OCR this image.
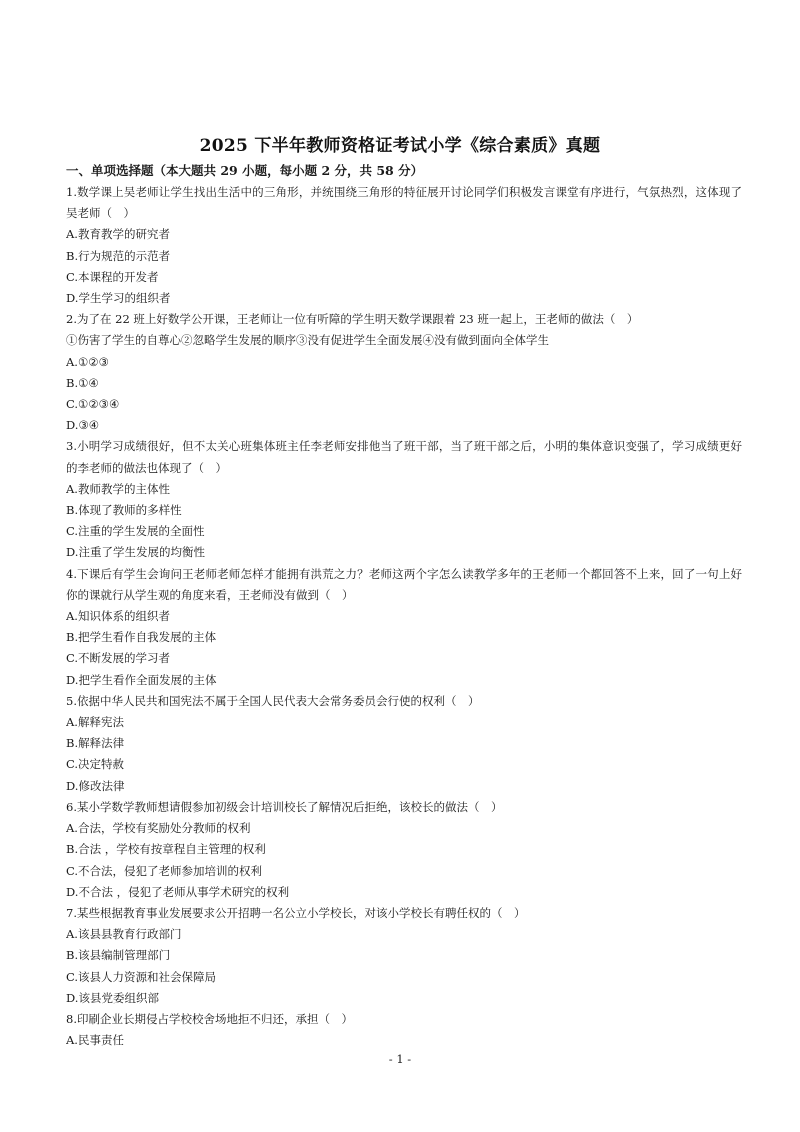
2025 下半年教师资格证考试小学《综合素质》真题
一、单项选择题（本大题共 29 小题，每小题 2 分，共 58 分）
1.数学课上吴老师让学生找出生活中的三角形，并统围绕三角形的特征展开讨论同学们积极发言课堂有序进行，气氛热烈，这体现了吴老师（　）
A.教育教学的研究者
B.行为规范的示范者
C.本课程的开发者
D.学生学习的组织者
2.为了在 22 班上好数学公开课，王老师让一位有听障的学生明天数学课跟着 23 班一起上，王老师的做法（　）
①伤害了学生的自尊心②忽略学生发展的顺序③没有促进学生全面发展④没有做到面向全体学生
A.①②③
B.①④
C.①②③④
D.③④
3.小明学习成绩很好，但不太关心班集体班主任李老师安排他当了班干部，当了班干部之后，小明的集体意识变强了，学习成绩更好的李老师的做法也体现了（　）
A.教师教学的主体性
B.体现了教师的多样性
C.注重的学生发展的全面性
D.注重了学生发展的均衡性
4.下课后有学生会询问王老师老师怎样才能拥有洪荒之力？老师这两个字怎么读教学多年的王老师一个都回答不上来，回了一句上好你的课就行从学生观的角度来看，王老师没有做到（　）
A.知识体系的组织者
B.把学生看作自我发展的主体
C.不断发展的学习者
D.把学生看作全面发展的主体
5.依据中华人民共和国宪法不属于全国人民代表大会常务委员会行使的权利（　）
A.解释宪法
B.解释法律
C.决定特赦
D.修改法律
6.某小学数学教师想请假参加初级会计培训校长了解情况后拒绝，该校长的做法（　）
A.合法，学校有奖励处分教师的权利
B.合法 ，学校有按章程自主管理的权利
C.不合法，侵犯了老师参加培训的权利
D.不合法 ，侵犯了老师从事学术研究的权利
7.某些根据教育事业发展要求公开招聘一名公立小学校长，对该小学校长有聘任权的（　）
A.该县县教育行政部门
B.该县编制管理部门
C.该县人力资源和社会保障局
D.该县党委组织部
8.印刷企业长期侵占学校校舍场地拒不归还，承担（　）
A.民事责任
- 1 -
